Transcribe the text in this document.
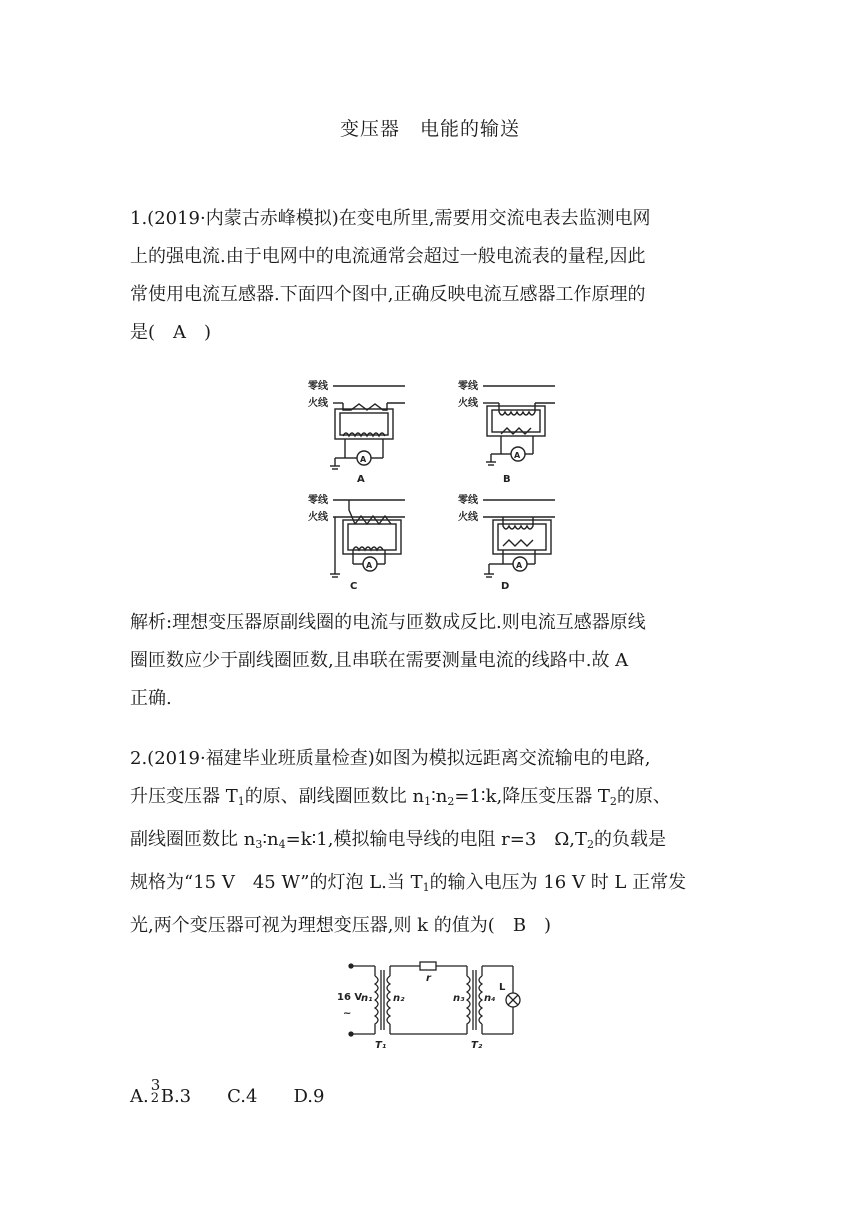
变压器　电能的输送
1.(2019·内蒙古赤峰模拟)在变电所里,需要用交流电表去监测电网
上的强电流.由于电网中的电流通常会超过一般电流表的量程,因此
常使用电流互感器.下面四个图中,正确反映电流互感器工作原理的
是(　A　)
零线
火线
A
A
零线
火线
A
B
零线
火线
A
C
零线
火线
A
D
解析:理想变压器原副线圈的电流与匝数成反比.则电流互感器原线
圈匝数应少于副线圈匝数,且串联在需要测量电流的线路中.故 A
正确.
2.(2019·福建毕业班质量检查)如图为模拟远距离交流输电的电路,
升压变压器 $T_1$的原、副线圈匝数比 $n_1∶n_2=1∶k$,降压变压器 $T_2$的原、
副线圈匝数比 $n_3∶n_4=k∶1$,模拟输电导线的电阻 r=3　$\Omega,T_2$的负载是
规格为“15 V　45 W”的灯泡 L.当 $T_1$的输入电压为 16 V 时 L 正常发
光,两个变压器可视为理想变压器,则 k 的值为(　B　)
16 V
~
n₁ n₂
T₁
r
n₃ n₄
T₂
L
A.
3
2 B.3　　C.4　　D.9
